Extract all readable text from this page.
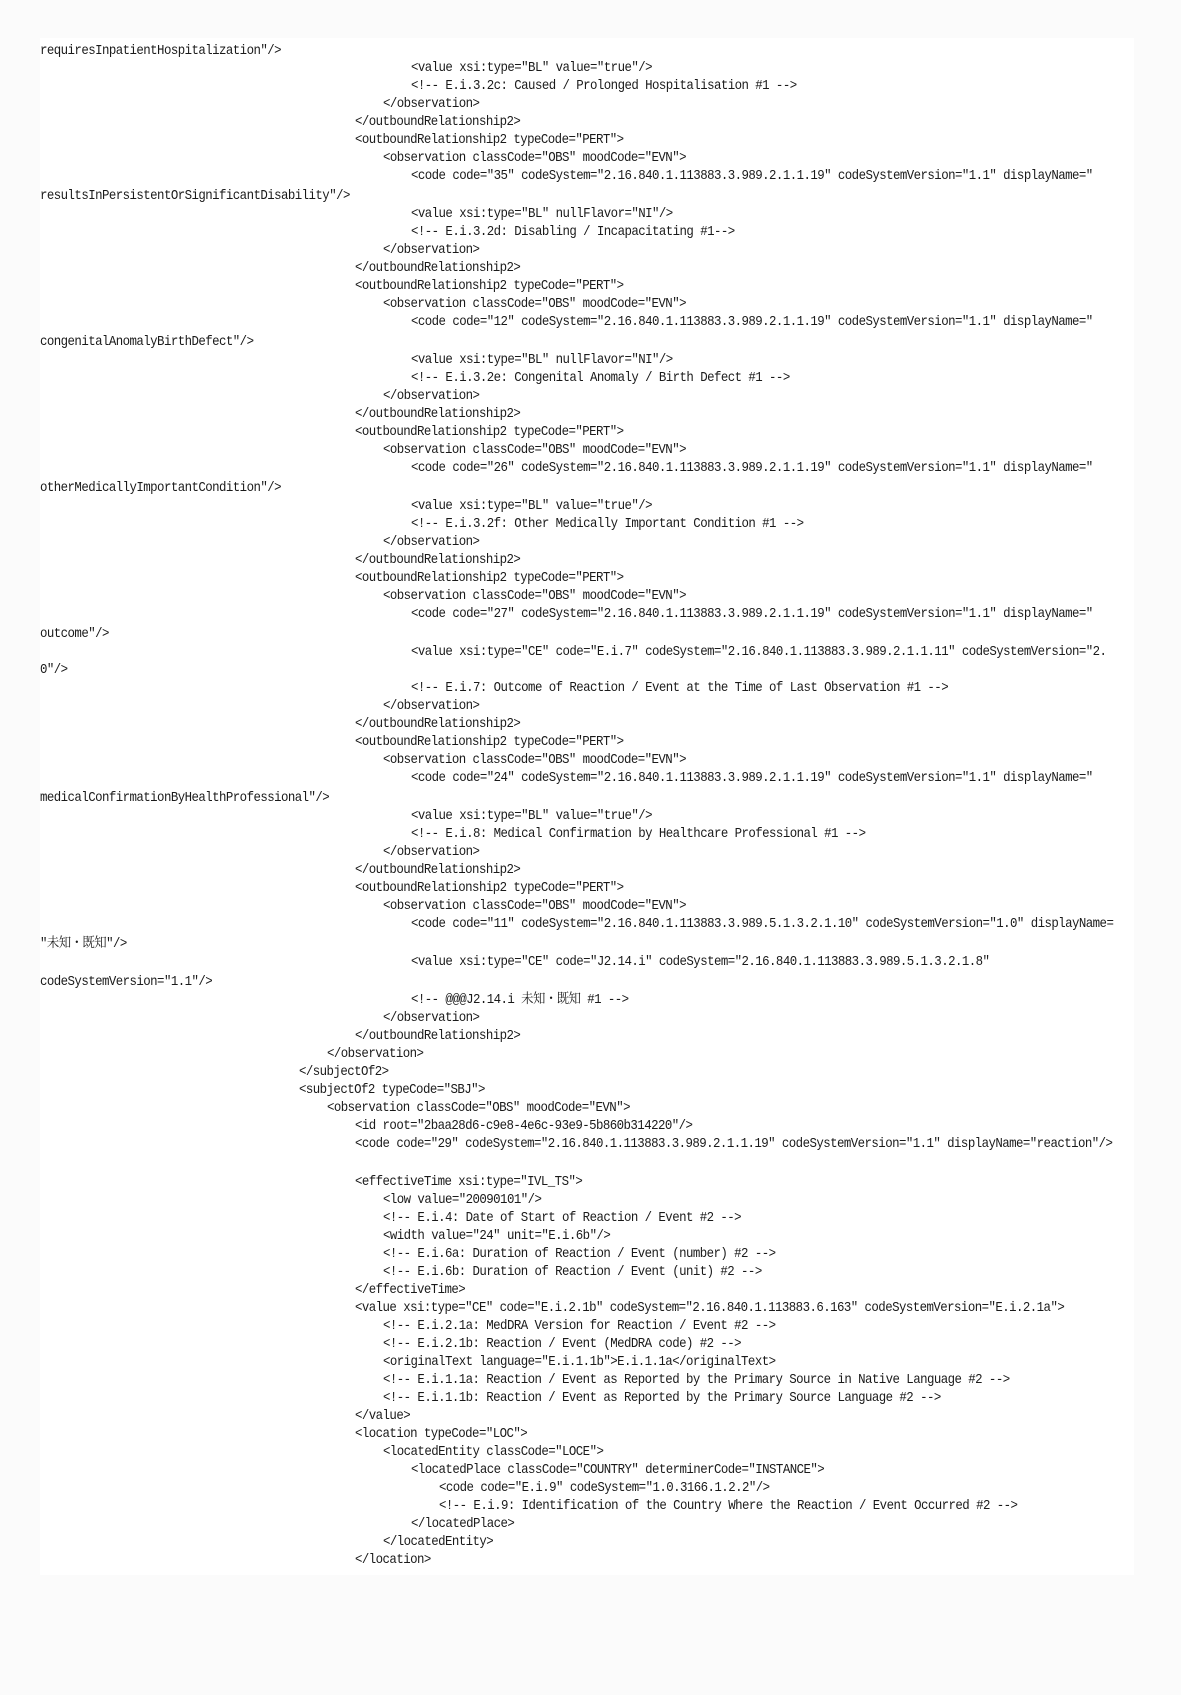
requiresInpatientHospitalization"/>
<value xsi:type="BL" value="true"/>
<!-- E.i.3.2c: Caused / Prolonged Hospitalisation #1 -->
</observation>
</outboundRelationship2>
<outboundRelationship2 typeCode="PERT">
<observation classCode="OBS" moodCode="EVN">
<code code="35" codeSystem="2.16.840.1.113883.3.989.2.1.1.19" codeSystemVersion="1.1" displayName="
resultsInPersistentOrSignificantDisability"/>
<value xsi:type="BL" nullFlavor="NI"/>
<!-- E.i.3.2d: Disabling / Incapacitating #1-->
</observation>
</outboundRelationship2>
<outboundRelationship2 typeCode="PERT">
<observation classCode="OBS" moodCode="EVN">
<code code="12" codeSystem="2.16.840.1.113883.3.989.2.1.1.19" codeSystemVersion="1.1" displayName="
congenitalAnomalyBirthDefect"/>
<value xsi:type="BL" nullFlavor="NI"/>
<!-- E.i.3.2e: Congenital Anomaly / Birth Defect #1 -->
</observation>
</outboundRelationship2>
<outboundRelationship2 typeCode="PERT">
<observation classCode="OBS" moodCode="EVN">
<code code="26" codeSystem="2.16.840.1.113883.3.989.2.1.1.19" codeSystemVersion="1.1" displayName="
otherMedicallyImportantCondition"/>
<value xsi:type="BL" value="true"/>
<!-- E.i.3.2f: Other Medically Important Condition #1 -->
</observation>
</outboundRelationship2>
<outboundRelationship2 typeCode="PERT">
<observation classCode="OBS" moodCode="EVN">
<code code="27" codeSystem="2.16.840.1.113883.3.989.2.1.1.19" codeSystemVersion="1.1" displayName="
outcome"/>
<value xsi:type="CE" code="E.i.7" codeSystem="2.16.840.1.113883.3.989.2.1.1.11" codeSystemVersion="2.
0"/>
<!-- E.i.7: Outcome of Reaction / Event at the Time of Last Observation #1 -->
</observation>
</outboundRelationship2>
<outboundRelationship2 typeCode="PERT">
<observation classCode="OBS" moodCode="EVN">
<code code="24" codeSystem="2.16.840.1.113883.3.989.2.1.1.19" codeSystemVersion="1.1" displayName="
medicalConfirmationByHealthProfessional"/>
<value xsi:type="BL" value="true"/>
<!-- E.i.8: Medical Confirmation by Healthcare Professional #1 -->
</observation>
</outboundRelationship2>
<outboundRelationship2 typeCode="PERT">
<observation classCode="OBS" moodCode="EVN">
<code code="11" codeSystem="2.16.840.1.113883.3.989.5.1.3.2.1.10" codeSystemVersion="1.0" displayName=
"未知・既知"/>
<value xsi:type="CE" code="J2.14.i" codeSystem="2.16.840.1.113883.3.989.5.1.3.2.1.8"
codeSystemVersion="1.1"/>
<!-- @@@J2.14.i 未知・既知 #1 -->
</observation>
</outboundRelationship2>
</observation>
</subjectOf2>
<subjectOf2 typeCode="SBJ">
<observation classCode="OBS" moodCode="EVN">
<id root="2baa28d6-c9e8-4e6c-93e9-5b860b314220"/>
<code code="29" codeSystem="2.16.840.1.113883.3.989.2.1.1.19" codeSystemVersion="1.1" displayName="reaction"/>
<effectiveTime xsi:type="IVL_TS">
<low value="20090101"/>
<!-- E.i.4: Date of Start of Reaction / Event #2 -->
<width value="24" unit="E.i.6b"/>
<!-- E.i.6a: Duration of Reaction / Event (number) #2 -->
<!-- E.i.6b: Duration of Reaction / Event (unit) #2 -->
</effectiveTime>
<value xsi:type="CE" code="E.i.2.1b" codeSystem="2.16.840.1.113883.6.163" codeSystemVersion="E.i.2.1a">
<!-- E.i.2.1a: MedDRA Version for Reaction / Event #2 -->
<!-- E.i.2.1b: Reaction / Event (MedDRA code) #2 -->
<originalText language="E.i.1.1b">E.i.1.1a</originalText>
<!-- E.i.1.1a: Reaction / Event as Reported by the Primary Source in Native Language #2 -->
<!-- E.i.1.1b: Reaction / Event as Reported by the Primary Source Language #2 -->
</value>
<location typeCode="LOC">
<locatedEntity classCode="LOCE">
<locatedPlace classCode="COUNTRY" determinerCode="INSTANCE">
<code code="E.i.9" codeSystem="1.0.3166.1.2.2"/>
<!-- E.i.9: Identification of the Country Where the Reaction / Event Occurred #2 -->
</locatedPlace>
</locatedEntity>
</location>
